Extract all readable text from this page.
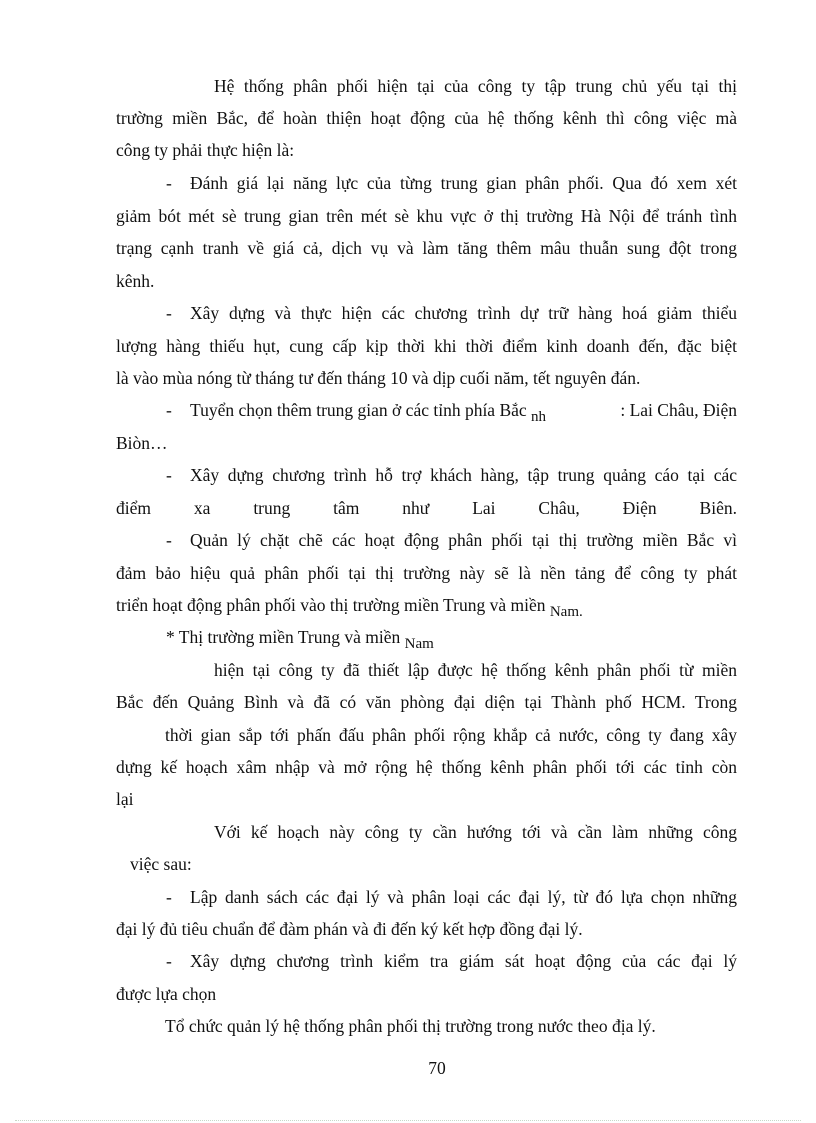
Hệ thống phân phối hiện tại của công ty tập trung chủ yếu tại thị
trường miền Bắc, để hoàn thiện hoạt động của hệ thống kênh thì công việc mà
công ty phải thực hiện là:
- Đánh giá lại năng lực của từng trung gian phân phối. Qua đó xem xét
giảm bót mét sè trung gian trên mét sè khu vực ở thị trường Hà Nội để tránh tình
trạng cạnh tranh về giá cả, dịch vụ và làm tăng thêm mâu thuẫn sung đột trong
kênh.
- Xây dựng và thực hiện các chương trình dự trữ hàng hoá giảm thiểu
lượng hàng thiếu hụt, cung cấp kịp thời khi thời điểm kinh doanh đến, đặc biệt
là vào mùa nóng từ tháng tư đến tháng 10 và dịp cuối năm, tết nguyên đán.
- Tuyển chọn thêm trung gian ở các tỉnh phía Bắc nh	: Lai Châu, Điện
Biòn…
- Xây dựng chương trình hỗ trợ khách hàng, tập trung quảng cáo tại các
điểm xa trung tâm như Lai Châu, Điện Biên.
- Quản lý chặt chẽ các hoạt động phân phối tại thị trường miền Bắc vì
đảm bảo hiệu quả phân phối tại thị trường này sẽ là nền tảng để công ty phát
triển hoạt động phân phối vào thị trường miền Trung và miền Nam.
* Thị trường miền Trung và miền Nam
hiện tại công ty đã thiết lập được hệ thống kênh phân phối từ miền
Bắc đến Quảng Bình và đã có văn phòng đại diện tại Thành phố HCM. Trong
thời gian sắp tới phấn đấu phân phối rộng khắp cả nước, công ty đang xây
dựng kế hoạch xâm nhập và mở rộng hệ thống kênh phân phối tới các tỉnh còn
lại
Với kế hoạch này công ty cần hướng tới và cần làm những công
việc sau:
- Lập danh sách các đại lý và phân loại các đại lý, từ đó lựa chọn những
đại lý đủ tiêu chuẩn để đàm phán và đi đến ký kết hợp đồng đại lý.
- Xây dựng chương trình kiểm tra giám sát hoạt động của các đại lý
được lựa chọn
Tổ chức quản lý hệ thống phân phối thị trường trong nước theo địa lý.
70
